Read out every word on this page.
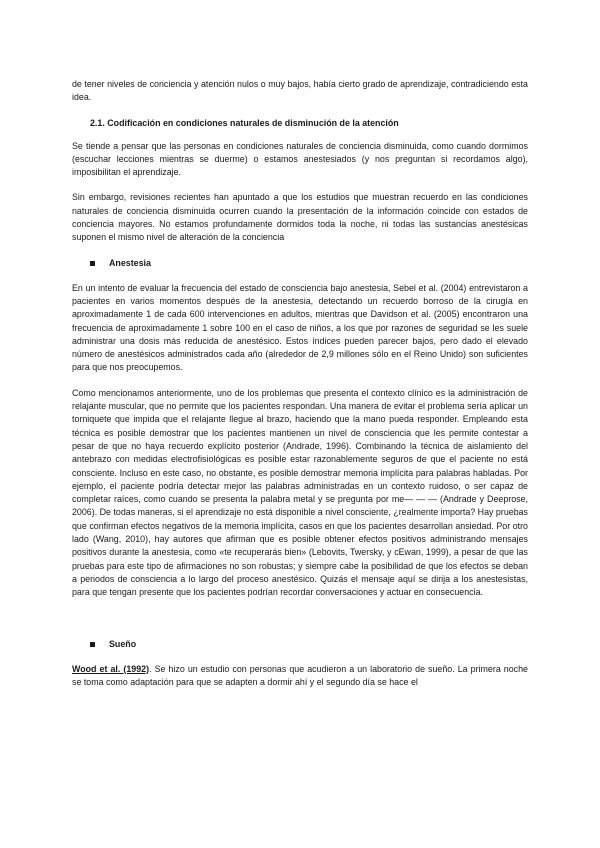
de tener niveles de conciencia y atención nulos o muy bajos, había cierto grado de aprendizaje, contradiciendo esta idea.

2.1. Codificación en condiciones naturales de disminución de la atención

Se tiende a pensar que las personas en condiciones naturales de conciencia disminuida, como cuando dormimos (escuchar lecciones mientras se duerme) o estamos anestesiados (y nos preguntan si recordamos algo), imposibilitan el aprendizaje.

Sin embargo, revisiones recientes han apuntado a que los estudios que muestran recuerdo en las condiciones naturales de conciencia disminuida ocurren cuando la presentación de la información coincide con estados de conciencia mayores. No estamos profundamente dormidos toda la noche, ni todas las sustancias anestésicas suponen el mismo nivel de alteración de la conciencia

Anestesia

En un intento de evaluar la frecuencia del estado de consciencia bajo anestesia, Sebel et al. (2004) entrevistaron a pacientes en varios momentos después de la anestesia, detectando un recuerdo borroso de la cirugía en aproximadamente 1 de cada 600 intervenciones en adultos, mientras que Davidson et al. (2005) encontraron una frecuencia de aproximadamente 1 sobre 100 en el caso de niños, a los que por razones de seguridad se les suele administrar una dosis más reducida de anestésico. Estos índices pueden parecer bajos, pero dado el elevado número de anestésicos administrados cada año (alrededor de 2,9 millones sólo en el Reino Unido) son suficientes para que nos preocupemos.

Como mencionamos anteriormente, uno de los problemas que presenta el contexto clínico es la administración de relajante muscular, que no permite que los pacientes respondan. Una manera de evitar el problema sería aplicar un torniquete que impida que el relajante llegue al brazo, haciendo que la mano pueda responder. Empleando esta técnica es posible demostrar que los pacientes mantienen un nivel de consciencia que les permite contestar a pesar de que no haya recuerdo explícito posterior (Andrade, 1996). Combinando la técnica de aislamiento del antebrazo con medidas electrofisiológicas es posible estar razonablemente seguros de que el paciente no está consciente. Incluso en este caso, no obstante, es posible demostrar memoria implícita para palabras habladas. Por ejemplo, el paciente podría detectar mejor las palabras administradas en un contexto ruidoso, o ser capaz de completar raíces, como cuando se presenta la palabra metal y se pregunta por me— — — (Andrade y Deeprose, 2006). De todas maneras, si el aprendizaje no está disponible a nivel consciente, ¿realmente importa? Hay pruebas que confirman efectos negativos de la memoria implícita, casos en que los pacientes desarrollan ansiedad. Por otro lado (Wang, 2010), hay autores que afirman que es posible obtener efectos positivos administrando mensajes positivos durante la anestesia, como «te recuperarás bien» (Lebovits, Twersky, y cEwan, 1999), a pesar de que las pruebas para este tipo de afirmaciones no son robustas; y siempre cabe la posibilidad de que los efectos se deban a periodos de consciencia a lo largo del proceso anestésico. Quizás el mensaje aquí se dirija a los anestesistas, para que tengan presente que los pacientes podrían recordar conversaciones y actuar en consecuencia.

Sueño

Wood et al. (1992). Se hizo un estudio con personas que acudieron a un laboratorio de sueño. La primera noche se toma como adaptación para que se adapten a dormir ahí y el segundo día se hace el
